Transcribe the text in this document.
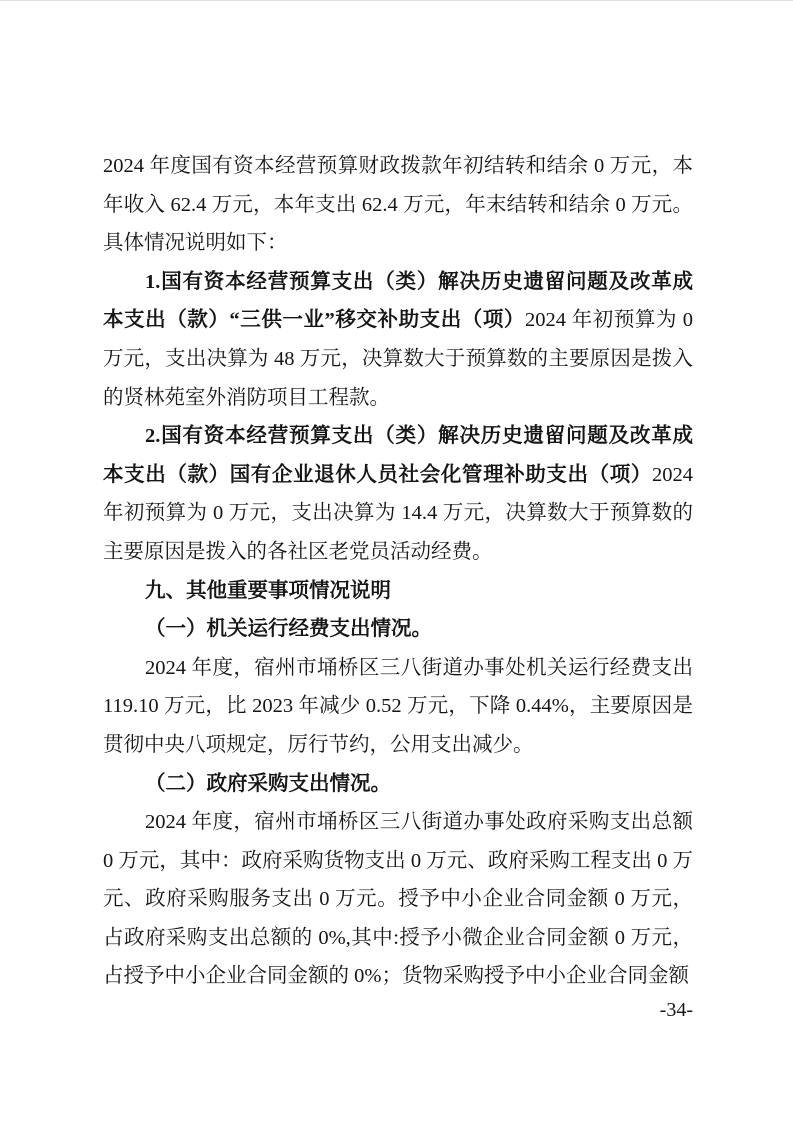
2024 年度国有资本经营预算财政拨款年初结转和结余 0 万元，本年收入 62.4 万元，本年支出 62.4 万元，年末结转和结余 0 万元。具体情况说明如下：

1.国有资本经营预算支出（类）解决历史遗留问题及改革成本支出（款）“三供一业”移交补助支出（项）2024 年初预算为 0 万元，支出决算为 48 万元，决算数大于预算数的主要原因是拨入的贤林苑室外消防项目工程款。

2.国有资本经营预算支出（类）解决历史遗留问题及改革成本支出（款）国有企业退休人员社会化管理补助支出（项）2024 年初预算为 0 万元，支出决算为 14.4 万元，决算数大于预算数的主要原因是拨入的各社区老党员活动经费。

九、其他重要事项情况说明

（一）机关运行经费支出情况。

2024 年度，宿州市埇桥区三八街道办事处机关运行经费支出 119.10 万元，比 2023 年减少 0.52 万元，下降 0.44%，主要原因是贯彻中央八项规定，厉行节约，公用支出减少。

（二）政府采购支出情况。

2024 年度，宿州市埇桥区三八街道办事处政府采购支出总额 0 万元，其中：政府采购货物支出 0 万元、政府采购工程支出 0 万元、政府采购服务支出 0 万元。授予中小企业合同金额 0 万元，占政府采购支出总额的 0%,其中:授予小微企业合同金额 0 万元，占授予中小企业合同金额的 0%；货物采购授予中小企业合同金额

-34-
